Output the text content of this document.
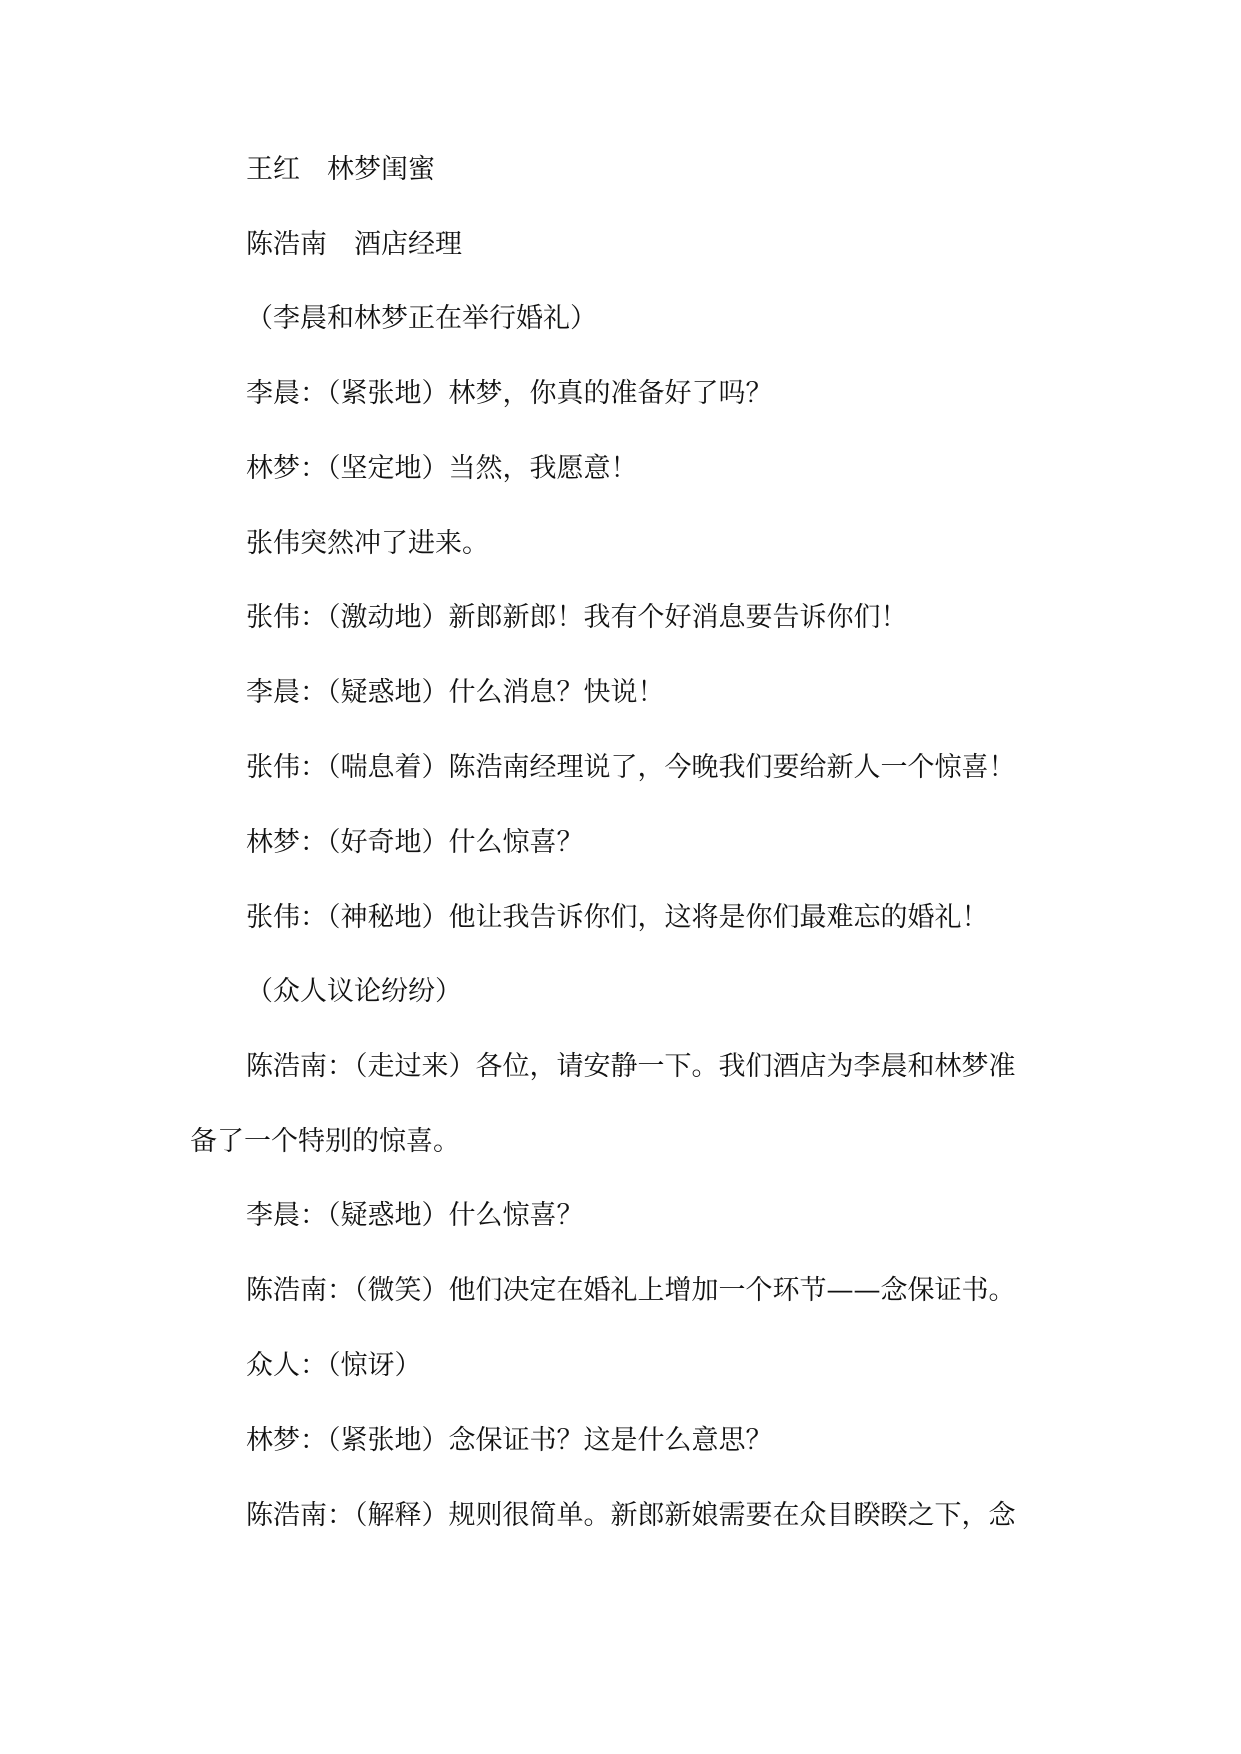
王红　林梦闺蜜
陈浩南　酒店经理
（李晨和林梦正在举行婚礼）
李晨：（紧张地）林梦，你真的准备好了吗？
林梦：（坚定地）当然，我愿意！
张伟突然冲了进来。
张伟：（激动地）新郎新郎！我有个好消息要告诉你们！
李晨：（疑惑地）什么消息？快说！
张伟：（喘息着）陈浩南经理说了，今晚我们要给新人一个惊喜！
林梦：（好奇地）什么惊喜？
张伟：（神秘地）他让我告诉你们，这将是你们最难忘的婚礼！
（众人议论纷纷）
陈浩南：（走过来）各位，请安静一下。我们酒店为李晨和林梦准
备了一个特别的惊喜。
李晨：（疑惑地）什么惊喜？
陈浩南：（微笑）他们决定在婚礼上增加一个环节——念保证书。
众人：（惊讶）
林梦：（紧张地）念保证书？这是什么意思？
陈浩南：（解释）规则很简单。新郎新娘需要在众目睽睽之下，念
